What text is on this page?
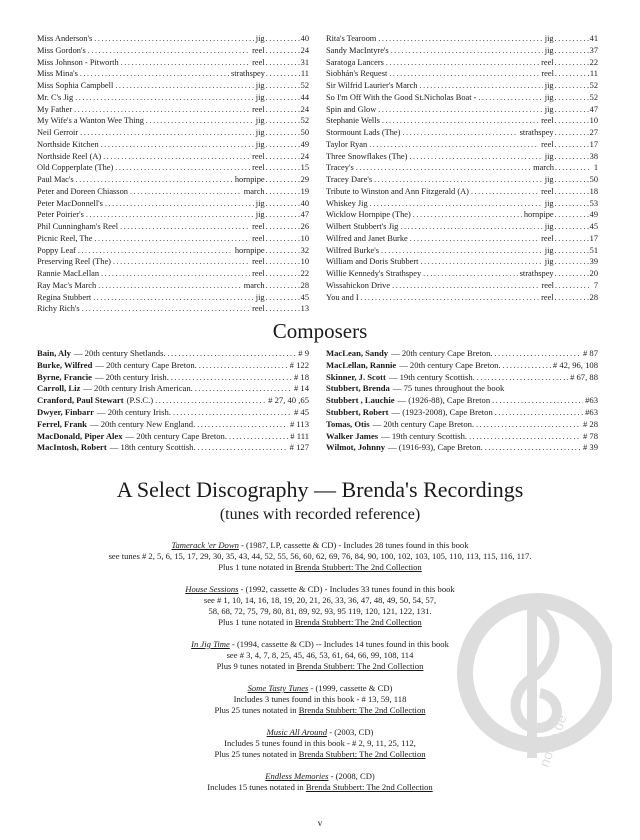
Miss Anderson's .....	jig .....	40
Miss Gordon's .....	reel .....	24
Miss Johnson - Pitworth .....	reel .....	31
Miss Mina's .....	strathspey .....	11
Miss Sophia Campbell .....	jig .....	52
Mr. C's Jig .....	jig .....	44
My Father .....	reel .....	24
My Wife's a Wanton Wee Thing .....	jig .....	52
Neil Gerroir .....	jig .....	50
Northside Kitchen .....	jig .....	49
Northside Reel (A) .....	reel .....	24
Old Copperplate (The) .....	reel .....	15
Paul Mac's .....	hornpipe .....	29
Peter and Doreen Chiasson .....	march .....	19
Peter MacDonnell's .....	jig .....	40
Peter Poirier's .....	jig .....	47
Phil Cunningham's Reel .....	reel .....	26
Picnic Reel, The .....	reel .....	10
Poppy Leaf .....	hornpipe .....	32
Preserving Reel (The) .....	reel .....	10
Rannie MacLellan .....	reel .....	22
Ray Mac's March .....	march .....	28
Regina Stubbert .....	jig .....	45
Richy Rich's .....	reel .....	13
Rita's Tearoom .....	jig .....	41
Sandy MacIntyre's .....	jig .....	37
Saratoga Lancers .....	reel .....	22
Siobhán's Request .....	reel .....	11
Sir Wilfrid Laurier's March .....	jig .....	52
So I'm Off With the Good St.Nicholas Boat - .....	jig .....	52
Spin and Glow .....	jig .....	47
Stephanie Wells .....	reel .....	10
Stormount Lads (The) .....	strathspey .....	27
Taylor Ryan .....	reel .....	17
Three Snowflakes (The) .....	jig .....	38
Tracey's .....	march .....	1
Tracey Dare's .....	jig .....	50
Tribute to Winston and Ann Fitzgerald (A) .....	reel .....	18
Whiskey Jig .....	jig .....	53
Wicklow Hornpipe (The) .....	hornpipe .....	49
Wilbert Stubbert's Jig .....	jig .....	45
Wilfred and Janet Burke .....	reel .....	17
Wilfred Burke's .....	jig .....	51
William and Doris Stubbert .....	jig .....	39
Willie Kennedy's Strathspey .....	strathspey .....	20
Wissahickon Drive .....	reel .....	7
You and I .....	reel .....	28
Composers
Bain, Aly — 20th century Shetlands. .....	# 9
Burke, Wilfred — 20th century Cape Breton. .....	# 122
Byrne, Francie — 20th century Irish. .....	# 18
Carroll, Liz — 20th century Irish American. .....	# 14
Cranford, Paul Stewart (P.S.C.) .....	# 27, 40 ,65
Dwyer, Finbarr — 20th century Irish. .....	# 45
Ferrel, Frank — 20th century New England. .....	# 113
MacDonald, Piper Alex — 20th century Cape Breton. .....	# 111
MacIntosh, Robert — 18th century Scottish. .....	# 127
MacLean, Sandy — 20th century Cape Breton. .....	# 87
MacLellan, Rannie — 20th century Cape Breton. .....	# 42, 96, 108
Skinner, J. Scott — 19th century Scottish. .....	# 67, 88
Stubbert, Brenda — 75 tunes throughout the book
Stubbert , Lauchie — (1926-88), Cape Breton .....	#63
Stubbert, Robert — (1923-2008), Cape Breton .....	#63
Tomas, Otis — 20th century Cape Breton. .....	# 28
Walker James — 19th century Scottish. .....	# 78
Wilmot, Johnny — (1916-93), Cape Breton. .....	# 39
A Select Discography — Brenda's Recordings
(tunes with recorded reference)
Tamerack 'er Down - (1987, LP, cassette & CD) - Includes 28 tunes found in this book
see tunes # 2, 5, 6, 15, 17, 29, 30, 35, 43, 44, 52, 55, 56, 60, 62, 69, 76, 84, 90, 100, 102, 103, 105, 110, 113, 115, 116, 117.
Plus 1 tune notated in Brenda Stubbert: The 2nd Collection
House Sessions - (1992, cassette & CD) - Includes 33 tunes found in this book
see # 1, 10, 14, 16, 18, 19, 20, 21, 26, 33, 36, 47, 48, 49, 50, 54, 57,
58, 68, 72, 75, 79, 80, 81, 89, 92, 93, 95 119, 120, 121, 122, 131.
Plus 1 tune notated in Brenda Stubbert: The 2nd Collection
In Jig Time - (1994, cassette & CD) -- Includes 14 tunes found in this book
see # 3, 4, 7, 8, 25, 45, 46, 53, 61, 64, 66, 99, 108, 114
Plus 9 tunes notated in Brenda Stubbert: The 2nd Collection
Some Tasty Tunes - (1999, cassette & CD)
Includes 3 tunes found in this book - # 13, 59, 118
Plus 25 tunes notated in Brenda Stubbert: The 2nd Collection
Music All Around - (2003, CD)
Includes 5 tunes found in this book - # 2, 9, 11, 25, 112,
Plus 25 tunes notated in Brenda Stubbert: The 2nd Collection
Endless Memories - (2008, CD)
Includes 15 tunes notated in Brenda Stubbert: The 2nd Collection
v
noten.de
